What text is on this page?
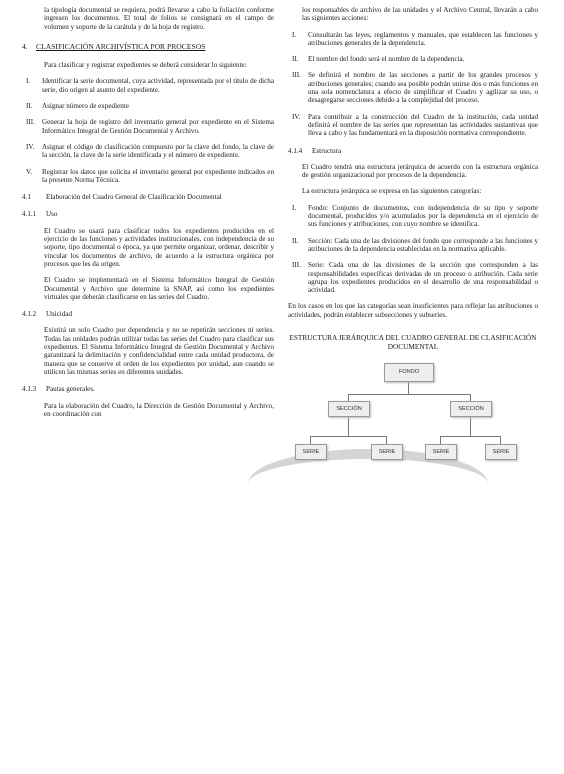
la tipología documental se requiera, podrá llevarse a cabo la foliación conforme ingresen los documentos. El total de folios se consignará en el campo de volumen y soporte de la carátula y de la hoja de registro.

4.	CLASIFICACIÓN ARCHIVÍSTICA POR PROCESOS

Para clasificar y registrar expedientes se deberá considerar lo siguiente:

I.	Identificar la serie documental, cuya actividad, representada por el título de dicha serie, dio origen al asunto del expediente.
II.	Asignar número de expediente
III.	Generar la hoja de registro del inventario general por expediente en el Sistema Informático Integral de Gestión Documental y Archivo.
IV.	Asignar el código de clasificación compuesto por la clave del fondo, la clave de la sección, la clave de la serie identificada y el número de expediente.
V.	Registrar los datos que solicita el inventario general por expediente indicados en la presente Norma Técnica.
4.1	Elaboración del Cuadro General de Clasificación Documental
4.1.1	Uso

El Cuadro se usará para clasificar todos los expedientes producidos en el ejercicio de las funciones y actividades institucionales, con independencia de su soporte, tipo documental o época, ya que permite organizar, ordenar, describir y vincular los documentos de archivo, de acuerdo a la estructura orgánica por procesos que les da origen.

El Cuadro se implementará en el Sistema Informático Integral de Gestión Documental y Archivo que determine la SNAP, así como los expedientes virtuales que deberán clasificarse en las series del Cuadro.

4.1.2	Unicidad

Existirá un solo Cuadro por dependencia y no se repetirán secciones ni series. Todas las unidades podrán utilizar todas las series del Cuadro para clasificar sus expedientes. El Sistema Informático Integral de Gestión Documental y Archivo garantizará la delimitación y confidencialidad entre cada unidad productora, de manera que se conserve el orden de los expedientes por unidad, aun cuando se utilicen las mismas series en diferentes unidades.

4.1.3	Pautas generales.

Para la elaboración del Cuadro, la Dirección de Gestión Documental y Archivo, en coordinación con

los responsables de archivo de las unidades y el Archivo Central, llevarán a cabo las siguientes acciones:

I.	Consultarán las leyes, reglamentos y manuales, que establecen las funciones y atribuciones generales de la dependencia.
II.	El nombre del fondo será el nombre de la dependencia.
III.	Se definirá el nombre de las secciones a partir de los grandes procesos y atribuciones generales; cuando sea posible podrán unirse dos o más funciones en una sola nomenclatura a efecto de simplificar el Cuadro y agilizar su uso, o desagregarse secciones debido a la complejidad del proceso.
IV.	Para contribuir a la construcción del Cuadro de la institución, cada unidad definirá el nombre de las series que representan las actividades sustantivas que lleva a cabo y las fundamentará en la disposición normativa correspondiente.
4.1.4	Estructura

El Cuadro tendrá una estructura jerárquica de acuerdo con la estructura orgánica de gestión organizacional por procesos de la dependencia.

La estructura jerárquica se expresa en las siguientes categorías:

I.	Fondo: Conjunto de documentos, con independencia de su tipo y soporte documental, producidos y/o acumulados por la dependencia en el ejercicio de sus funciones y atribuciones, con cuyo nombre se identifica.
II.	Sección: Cada una de las divisiones del fondo que corresponde a las funciones y atribuciones de la dependencia establecidas en la normativa aplicable.
III.	Serie: Cada una de las divisiones de la sección que corresponden a las responsabilidades específicas derivadas de un proceso o atribución. Cada serie agrupa los expedientes producidos en el desarrollo de una responsabilidad o actividad.

En los casos en los que las categorías sean insuficientes para reflejar las atribuciones o actividades, podrán establecer subsecciones y subseries.

ESTRUCTURA JERÁRQUICA DEL CUADRO GENERAL DE CLASIFICACIÓN DOCUMENTAL

FONDO
SECCIÓN	SECCIÓN
SERIE	SERIE	SERIE	SERIE
